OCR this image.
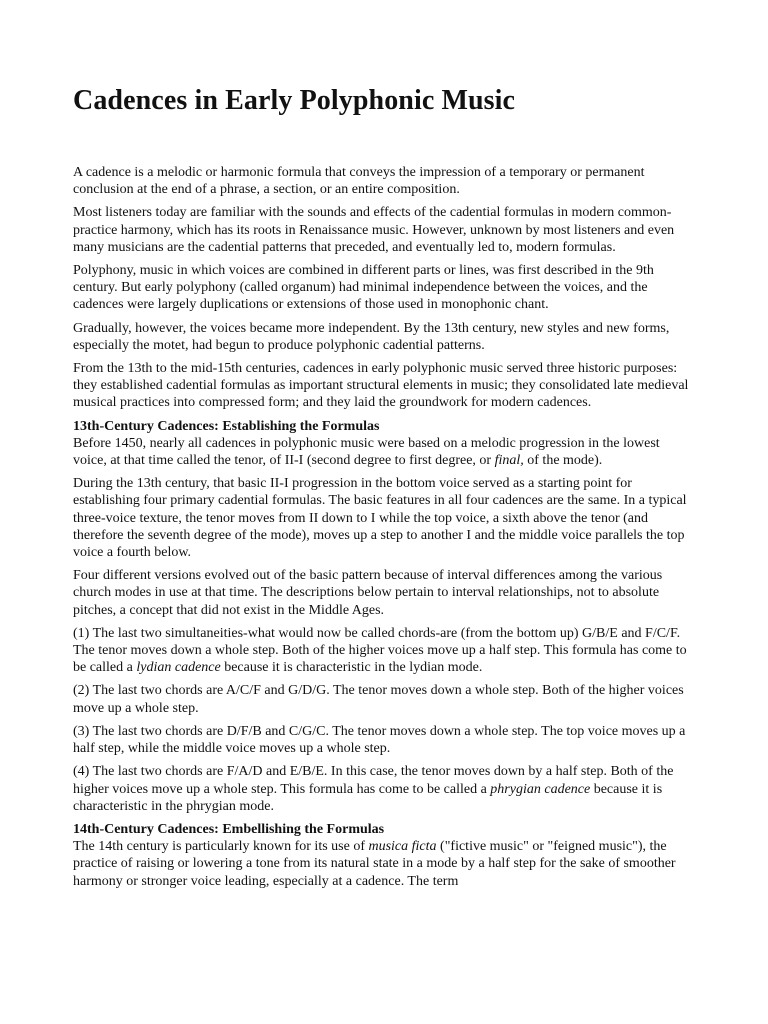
Cadences in Early Polyphonic Music

A cadence is a melodic or harmonic formula that conveys the impression of a temporary or permanent conclusion at the end of a phrase, a section, or an entire composition.

Most listeners today are familiar with the sounds and effects of the cadential formulas in modern common-practice harmony, which has its roots in Renaissance music. However, unknown by most listeners and even many musicians are the cadential patterns that preceded, and eventually led to, modern formulas.

Polyphony, music in which voices are combined in different parts or lines, was first described in the 9th century. But early polyphony (called organum) had minimal independence between the voices, and the cadences were largely duplications or extensions of those used in monophonic chant.

Gradually, however, the voices became more independent. By the 13th century, new styles and new forms, especially the motet, had begun to produce polyphonic cadential patterns.

From the 13th to the mid-15th centuries, cadences in early polyphonic music served three historic purposes: they established cadential formulas as important structural elements in music; they consolidated late medieval musical practices into compressed form; and they laid the groundwork for modern cadences.

13th-Century Cadences: Establishing the Formulas
Before 1450, nearly all cadences in polyphonic music were based on a melodic progression in the lowest voice, at that time called the tenor, of II-I (second degree to first degree, or final, of the mode).

During the 13th century, that basic II-I progression in the bottom voice served as a starting point for establishing four primary cadential formulas. The basic features in all four cadences are the same. In a typical three-voice texture, the tenor moves from II down to I while the top voice, a sixth above the tenor (and therefore the seventh degree of the mode), moves up a step to another I and the middle voice parallels the top voice a fourth below.

Four different versions evolved out of the basic pattern because of interval differences among the various church modes in use at that time. The descriptions below pertain to interval relationships, not to absolute pitches, a concept that did not exist in the Middle Ages.

(1) The last two simultaneities-what would now be called chords-are (from the bottom up) G/B/E and F/C/F. The tenor moves down a whole step. Both of the higher voices move up a half step. This formula has come to be called a lydian cadence because it is characteristic in the lydian mode.

(2) The last two chords are A/C/F and G/D/G. The tenor moves down a whole step. Both of the higher voices move up a whole step.

(3) The last two chords are D/F/B and C/G/C. The tenor moves down a whole step. The top voice moves up a half step, while the middle voice moves up a whole step.

(4) The last two chords are F/A/D and E/B/E. In this case, the tenor moves down by a half step. Both of the higher voices move up a whole step. This formula has come to be called a phrygian cadence because it is characteristic in the phrygian mode.

14th-Century Cadences: Embellishing the Formulas
The 14th century is particularly known for its use of musica ficta ("fictive music" or "feigned music"), the practice of raising or lowering a tone from its natural state in a mode by a half step for the sake of smoother harmony or stronger voice leading, especially at a cadence. The term
